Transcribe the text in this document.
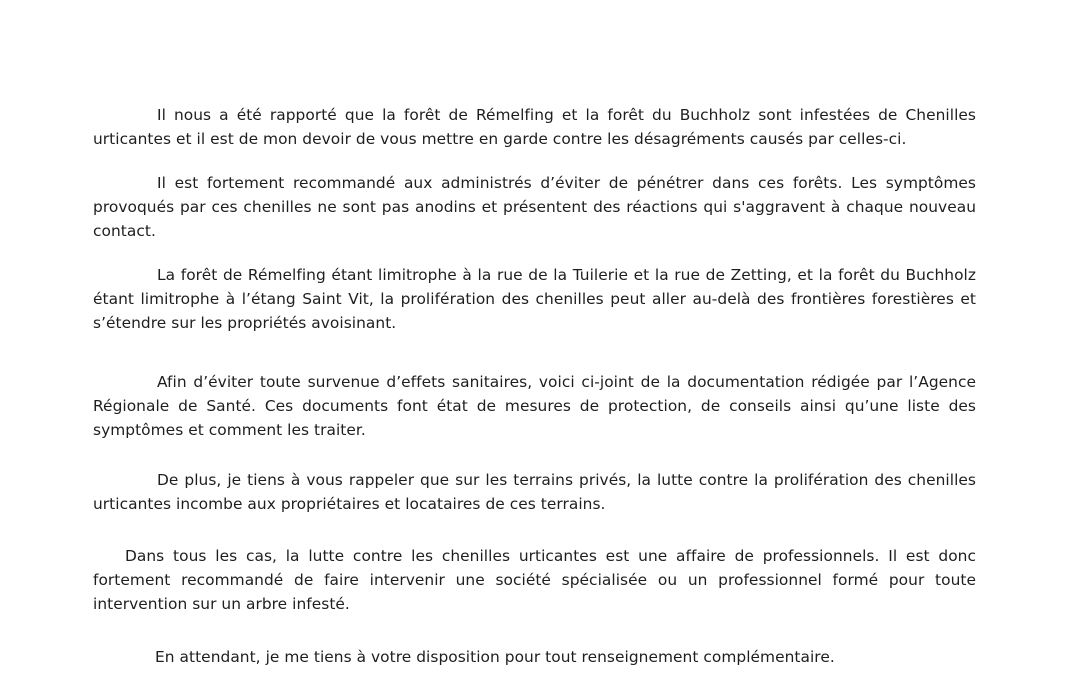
Il nous a été rapporté que la forêt de Rémelfing et la forêt du Buchholz sont infestées de Chenilles urticantes et il est de mon devoir de vous mettre en garde contre les désagréments causés par celles-ci.

Il est fortement recommandé aux administrés d’éviter de pénétrer dans ces forêts. Les symptômes provoqués par ces chenilles ne sont pas anodins et présentent des réactions qui s'aggravent à chaque nouveau contact.

La forêt de Rémelfing étant limitrophe à la rue de la Tuilerie et la rue de Zetting, et la forêt du Buchholz étant limitrophe à l’étang Saint Vit, la prolifération des chenilles peut aller au-delà des frontières forestières et s’étendre sur les propriétés avoisinant.

Afin d’éviter toute survenue d’effets sanitaires, voici ci-joint de la documentation rédigée par l’Agence Régionale de Santé. Ces documents font état de mesures de protection, de conseils ainsi qu’une liste des symptômes et comment les traiter.

De plus, je tiens à vous rappeler que sur les terrains privés, la lutte contre la prolifération des chenilles urticantes incombe aux propriétaires et locataires de ces terrains.

Dans tous les cas, la lutte contre les chenilles urticantes est une affaire de professionnels. Il est donc fortement recommandé de faire intervenir une société spécialisée ou un professionnel formé pour toute intervention sur un arbre infesté.

En attendant, je me tiens à votre disposition pour tout renseignement complémentaire.
